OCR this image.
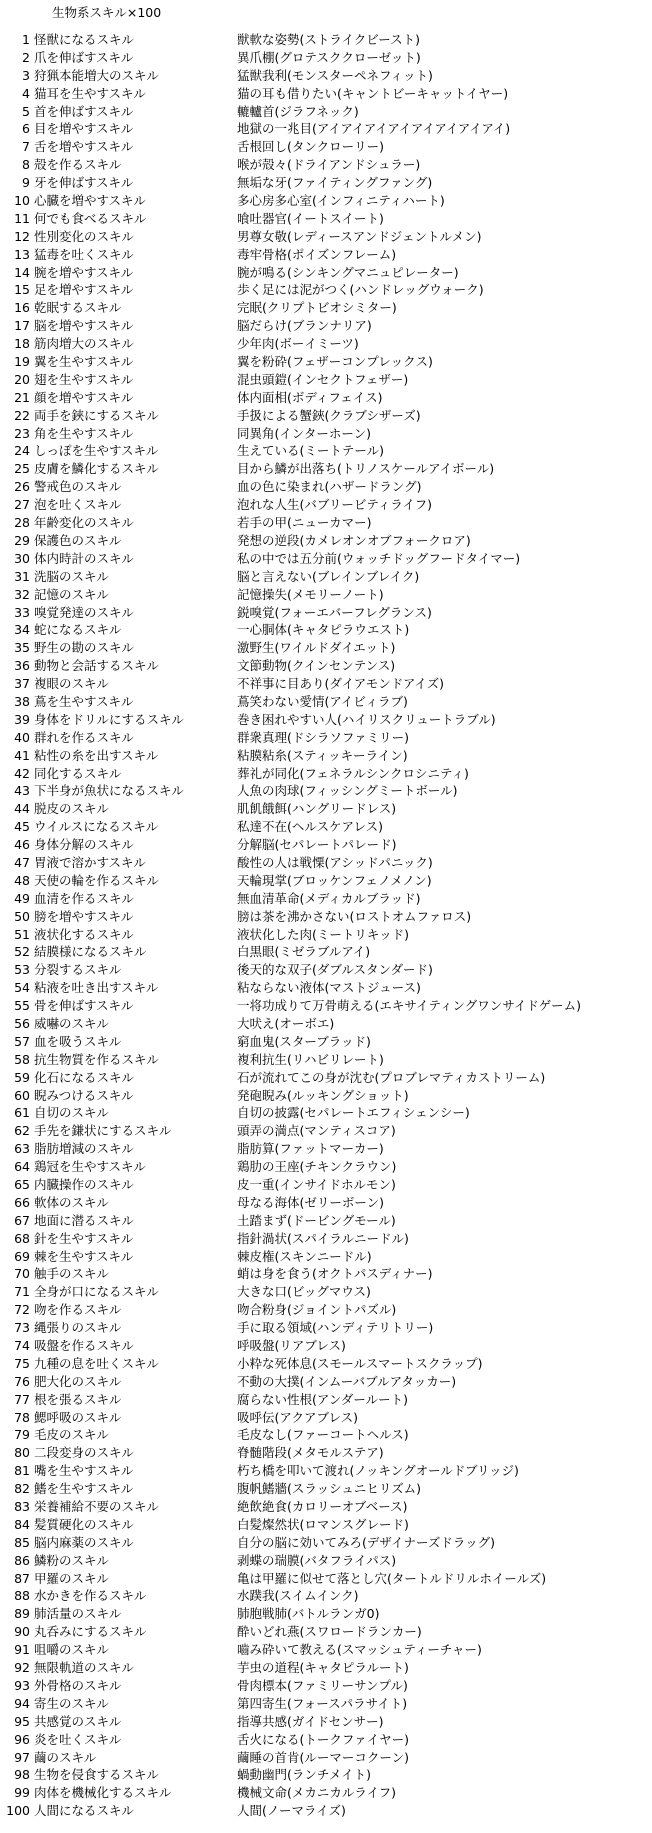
生物系スキル×100
1 怪獣になるスキル	獣軟な姿勢(ストライクビースト)
2 爪を伸ばすスキル	異爪棚(グロテスククローゼット)
3 狩猟本能増大のスキル	猛獣我利(モンスターペネフィット)
4 猫耳を生やすスキル	猫の耳も借りたい(キャントビーキャットイヤー)
5 首を伸ばすスキル	轆轤首(ジラフネック)
6 目を増やすスキル	地獄の一兆目(アイアイアイアイアイアイアイアイ)
7 舌を増やすスキル	舌根回し(タンクローリー)
8 殻を作るスキル	喉が殻々(ドライアンドシュラー)
9 牙を伸ばすスキル	無垢な牙(ファイティングファング)
10 心臓を増やすスキル	多心房多心室(インフィニティハート)
11 何でも食べるスキル	喰吐器官(イートスイート)
12 性別変化のスキル	男尊女敬(レディースアンドジェントルメン)
13 猛毒を吐くスキル	毒牢骨格(ポイズンフレーム)
14 腕を増やすスキル	腕が鳴る(シンキングマニュピレーター)
15 足を増やすスキル	歩く足には泥がつく(ハンドレッグウォーク)
16 乾眠するスキル	完眠(クリプトビオシミター)
17 脳を増やすスキル	脳だらけ(ブランナリア)
18 筋肉増大のスキル	少年肉(ボーイミーツ)
19 翼を生やすスキル	翼を粉砕(フェザーコンプレックス)
20 翅を生やすスキル	混虫頭鎧(インセクトフェザー)
21 顔を増やすスキル	体内面相(ボディフェイス)
22 両手を鋏にするスキル	手扱による蟹鋏(クラブシザーズ)
23 角を生やすスキル	同異角(インターホーン)
24 しっぽを生やすスキル	生えている(ミートテール)
25 皮膚を鱗化するスキル	目から鱗が出落ち(トリノスケールアイボール)
26 警戒色のスキル	血の色に染まれ(ハザードラング)
27 泡を吐くスキル	泡れな人生(バブリービティライフ)
28 年齢変化のスキル	若手の甲(ニューカマー)
29 保護色のスキル	発想の逆段(カメレオンオブフォークロア)
30 体内時計のスキル	私の中では五分前(ウォッチドッグフードタイマー)
31 洗脳のスキル	脳と言えない(ブレインブレイク)
32 記憶のスキル	記憶操失(メモリーノート)
33 嗅覚発達のスキル	鋭嗅覚(フォーエバーフレグランス)
34 蛇になるスキル	一心胴体(キャタピラウエスト)
35 野生の勘のスキル	激野生(ワイルドダイエット)
36 動物と会話するスキル	文節動物(クインセンテンス)
37 複眼のスキル	不祥事に目あり(ダイアモンドアイズ)
38 蔦を生やすスキル	蔦笑わない愛情(アイビィラブ)
39 身体をドリルにするスキル	巻き困れやすい人(ハイリスクリュートラブル)
40 群れを作るスキル	群衆真理(ドシラソファミリー)
41 粘性の糸を出すスキル	粘膜粘糸(スティッキーライン)
42 同化するスキル	葬礼が同化(フェネラルシンクロシニティ)
43 下半身が魚状になるスキル	人魚の肉球(フィッシングミートボール)
44 脱皮のスキル	肌飢餓餌(ハングリードレス)
45 ウイルスになるスキル	私達不在(ヘルスケアレス)
46 身体分解のスキル	分解脳(セパレートパレード)
47 胃液で溶かすスキル	酸性の人は戦慄(アシッドパニック)
48 天使の輪を作るスキル	天輪現掌(ブロッケンフェノメノン)
49 血清を作るスキル	無血清革命(メディカルブラッド)
50 膀を増やすスキル	膀は茶を沸かさない(ロストオムファロス)
51 液状化するスキル	液状化した肉(ミートリキッド)
52 結膜様になるスキル	白黒眼(ミゼラブルアイ)
53 分裂するスキル	後天的な双子(ダブルスタンダード)
54 粘液を吐き出すスキル	粘ならない液体(マストジュース)
55 骨を伸ばすスキル	一将功成りて万骨萌える(エキサイティングワンサイドゲーム)
56 威嚇のスキル	大吠え(オーボエ)
57 血を吸うスキル	窮血鬼(スターブラッド)
58 抗生物質を作るスキル	複利抗生(リハビリレート)
59 化石になるスキル	石が流れてこの身が沈む(プロブレマティカストリーム)
60 睨みつけるスキル	発砲睨み(ルッキングショット)
61 自切のスキル	自切の披露(セパレートエフィシェンシー)
62 手先を鎌状にするスキル	頭弄の満点(マンティスコア)
63 脂肪増減のスキル	脂肪算(ファットマーカー)
64 鶏冠を生やすスキル	鶏肋の王座(チキンクラウン)
65 内臓操作のスキル	皮一重(インサイドホルモン)
66 軟体のスキル	母なる海体(ゼリーボーン)
67 地面に潜るスキル	土踏まず(ドービングモール)
68 針を生やすスキル	指針渦状(スパイラルニードル)
69 棘を生やすスキル	棘皮権(スキンニードル)
70 触手のスキル	蛸は身を食う(オクトパスディナー)
71 全身が口になるスキル	大きな口(ビッグマウス)
72 吻を作るスキル	吻合粉身(ジョイントパズル)
73 縄張りのスキル	手に取る領域(ハンディテリトリー)
74 吸盤を作るスキル	呼吸盤(リアブレス)
75 九種の息を吐くスキル	小粋な死体息(スモールスマートスクラップ)
76 肥大化のスキル	不動の大撲(インムーバブルアタッカー)
77 根を張るスキル	腐らない性根(アンダールート)
78 鰓呼吸のスキル	吸呼伝(アクアブレス)
79 毛皮のスキル	毛皮なし(ファーコートヘルス)
80 二段変身のスキル	脊髄階段(メタモルステア)
81 嘴を生やすスキル	朽ち橋を叩いて渡れ(ノッキングオールドブリッジ)
82 鰭を生やすスキル	腹帆鰭牆(スラッシュニヒリズム)
83 栄養補給不要のスキル	絶飲絶食(カロリーオブベース)
84 髪質硬化のスキル	白髪燦然状(ロマンスグレード)
85 脳内麻薬のスキル	自分の脳に効いてみろ(デザイナーズドラッグ)
86 鱗粉のスキル	剥蝶の瑞膜(バタフライパス)
87 甲羅のスキル	亀は甲羅に似せて落とし穴(タートルドリルホイールズ)
88 水かきを作るスキル	水蹼我(スイムインク)
89 肺活量のスキル	肺胞戦肺(バトルランガ0)
90 丸呑みにするスキル	酔いどれ燕(スワロードランカー)
91 咀嚼のスキル	嚙み砕いて教える(スマッシュティーチャー)
92 無限軌道のスキル	芋虫の道程(キャタピラルート)
93 外骨格のスキル	骨肉標本(ファミリーサンプル)
94 寄生のスキル	第四寄生(フォースパラサイト)
95 共感覚のスキル	指導共感(ガイドセンサー)
96 炎を吐くスキル	舌火になる(トークファイヤー)
97 繭のスキル	繭睡の首肯(ルーマーコクーン)
98 生物を侵食するスキル	蝸動幽門(ランチメイト)
99 肉体を機械化するスキル	機械文命(メカニカルライフ)
100 人間になるスキル	人間(ノーマライズ)
